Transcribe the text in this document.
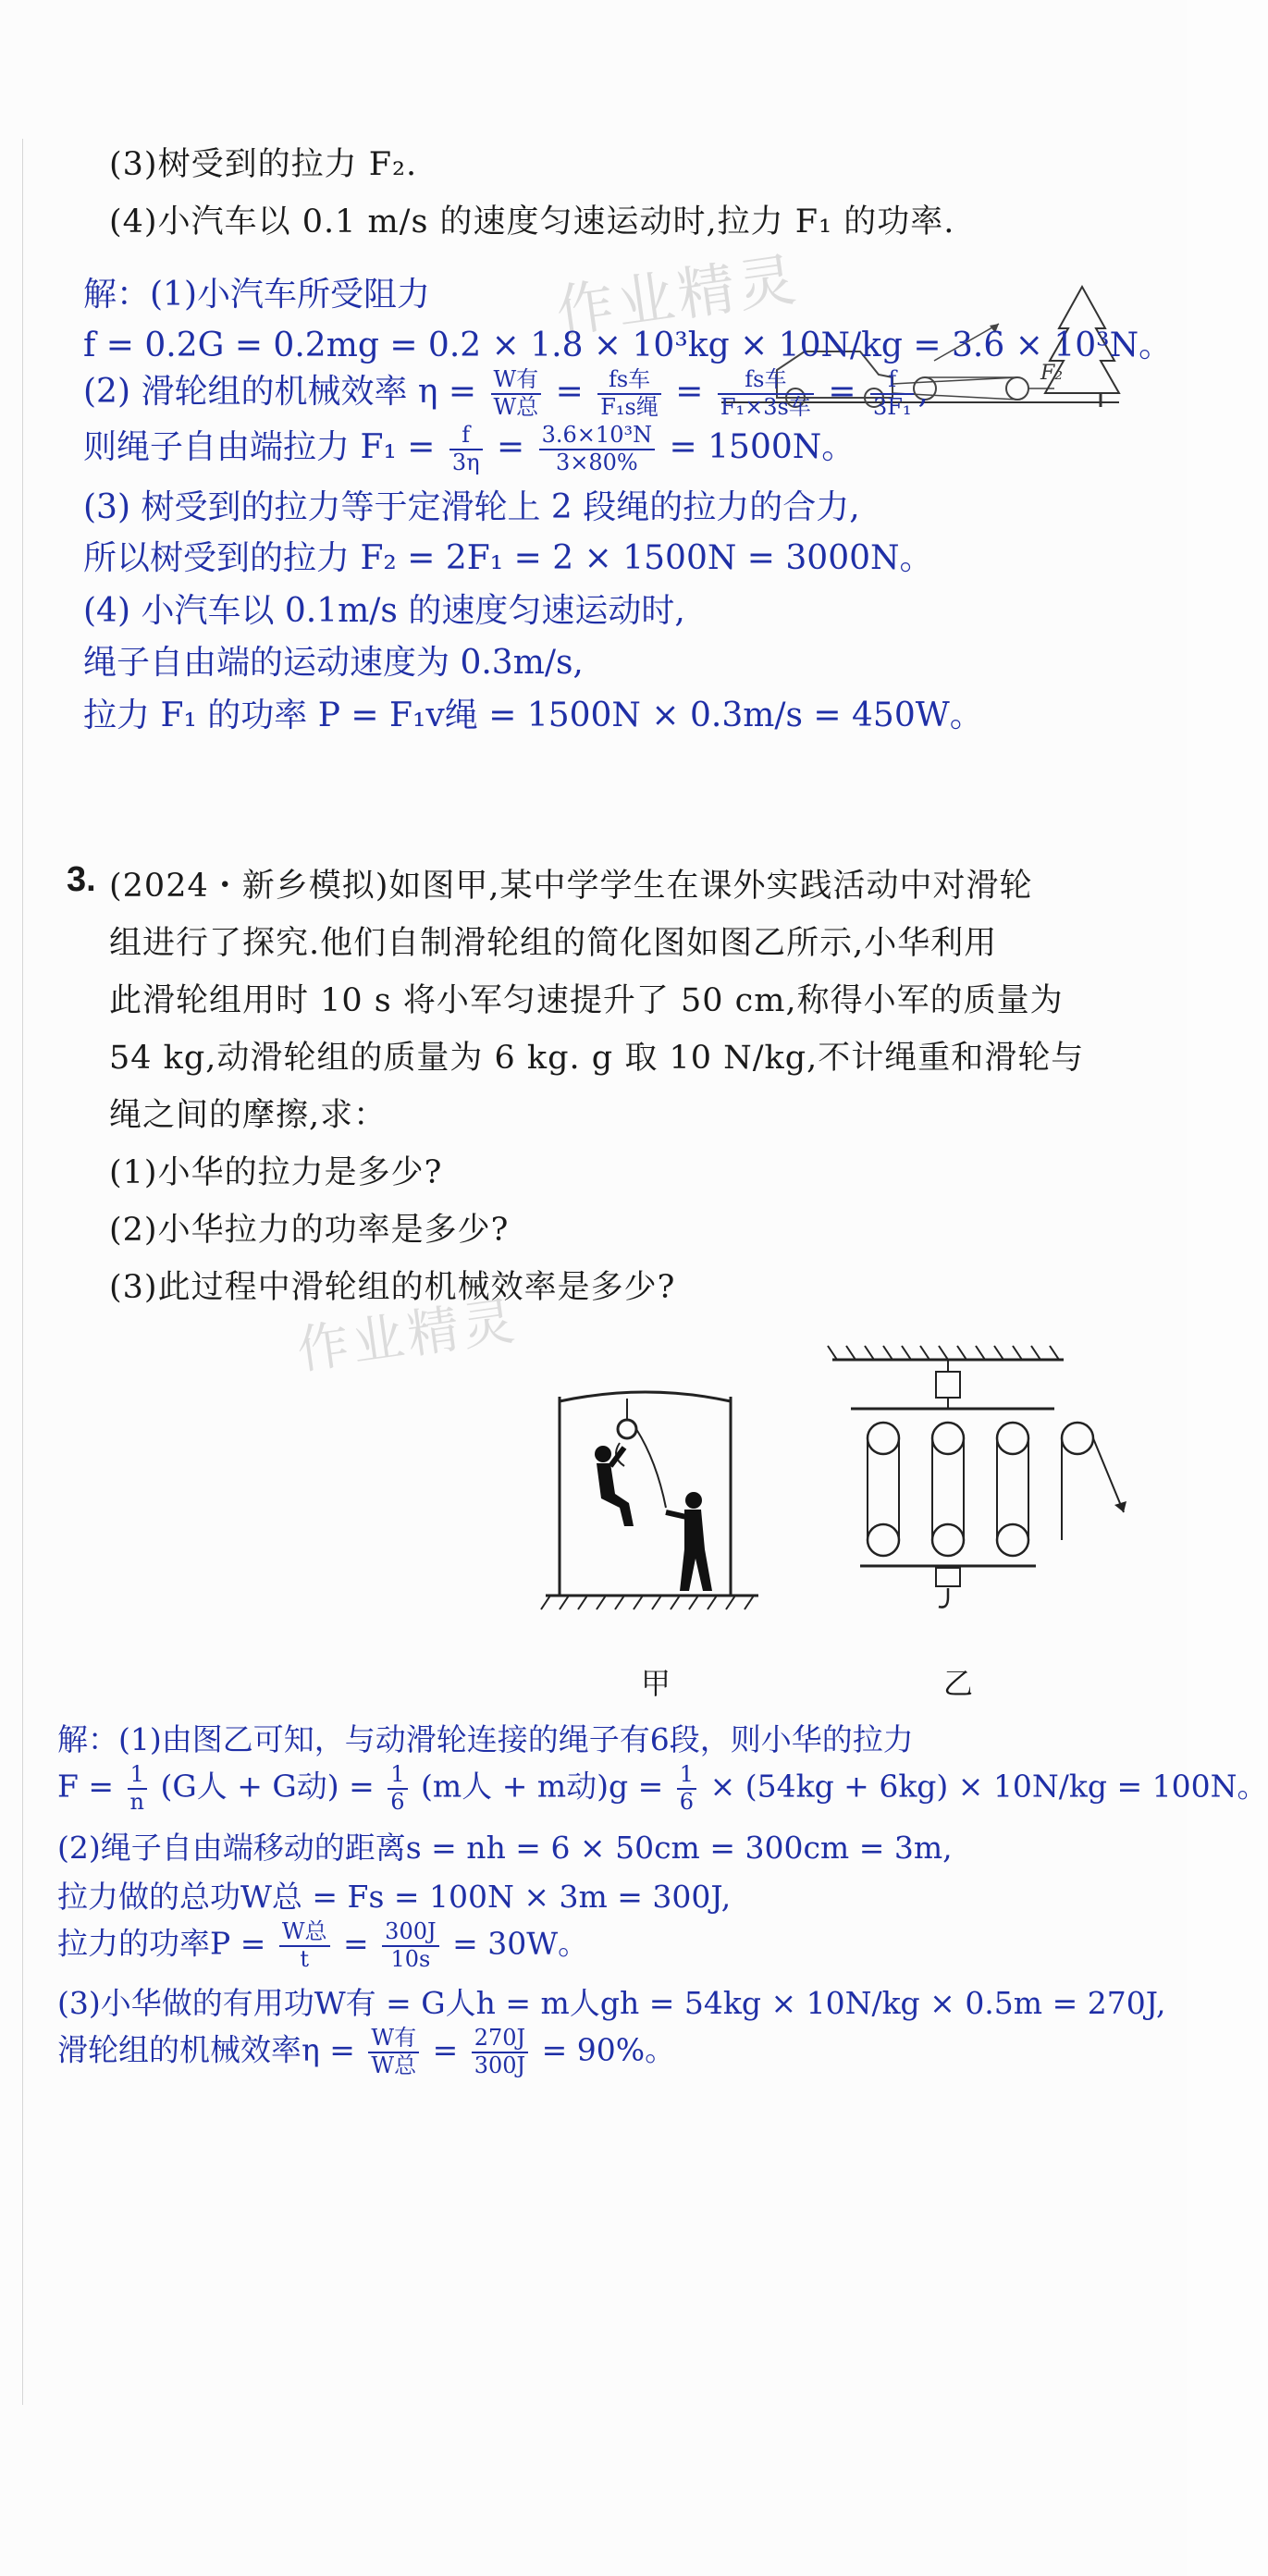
(3)树受到的拉力 F₂.
(4)小汽车以 0.1 m/s 的速度匀速运动时,拉力 F₁ 的功率.
作业精灵
F₂
解：(1)小汽车所受阻力
f = 0.2G = 0.2mg = 0.2 × 1.8 × 10³kg × 10N/kg = 3.6 × 10³N。
(2) 滑轮组的机械效率 $\eta = \frac{\text{W有}}{\text{W总}} = \frac{\text{fs车}}{\text{F₁s绳}} = \frac{\text{fs车}}{\text{F₁×3s车}} = \frac{f}{\text{3F₁}}$ ,
则绳子自由端拉力 $F_1 = \frac{f}{3\eta} = \frac{\text{3.6×10³N}}{3\times 80\%} = 1500N$。
(3) 树受到的拉力等于定滑轮上 2 段绳的拉力的合力,
所以树受到的拉力 F₂ = 2F₁ = 2 × 1500N = 3000N。
(4) 小汽车以 0.1m/s 的速度匀速运动时,
绳子自由端的运动速度为 0.3m/s,
拉力 F₁ 的功率 P = F₁v绳 = 1500N × 0.3m/s = 450W。
3. (2024・新乡模拟)如图甲,某中学学生在课外实践活动中对滑轮
组进行了探究.他们自制滑轮组的简化图如图乙所示,小华利用
此滑轮组用时 10 s 将小军匀速提升了 50 cm,称得小军的质量为
54 kg,动滑轮组的质量为 6 kg. g 取 10 N/kg,不计绳重和滑轮与
绳之间的摩擦,求：
(1)小华的拉力是多少?
(2)小华拉力的功率是多少?
(3)此过程中滑轮组的机械效率是多少?
作业精灵
甲	乙
解：(1)由图乙可知，与动滑轮连接的绳子有6段，则小华的拉力
$F = \frac{1}{n} (G$人 + G动) = $\frac{1}{6} (m$人 + m动)$g = \frac{1}{6} \times (54kg + 6kg) \times 10N/kg = 100N$。
(2)绳子自由端移动的距离s = nh = 6 × 50cm = 300cm = 3m,
拉力做的总功W总 = Fs = 100N × 3m = 300J,
拉力的功率$P = \frac{\text{W总}}{t} = \frac{300J}{10s} = 30W$。
(3)小华做的有用功W有 = G人h = m人gh = 54kg × 10N/kg × 0.5m = 270J,
滑轮组的机械效率$\eta = \frac{\text{W有}}{\text{W总}} = \frac{270J}{300J} = 90\%$。
